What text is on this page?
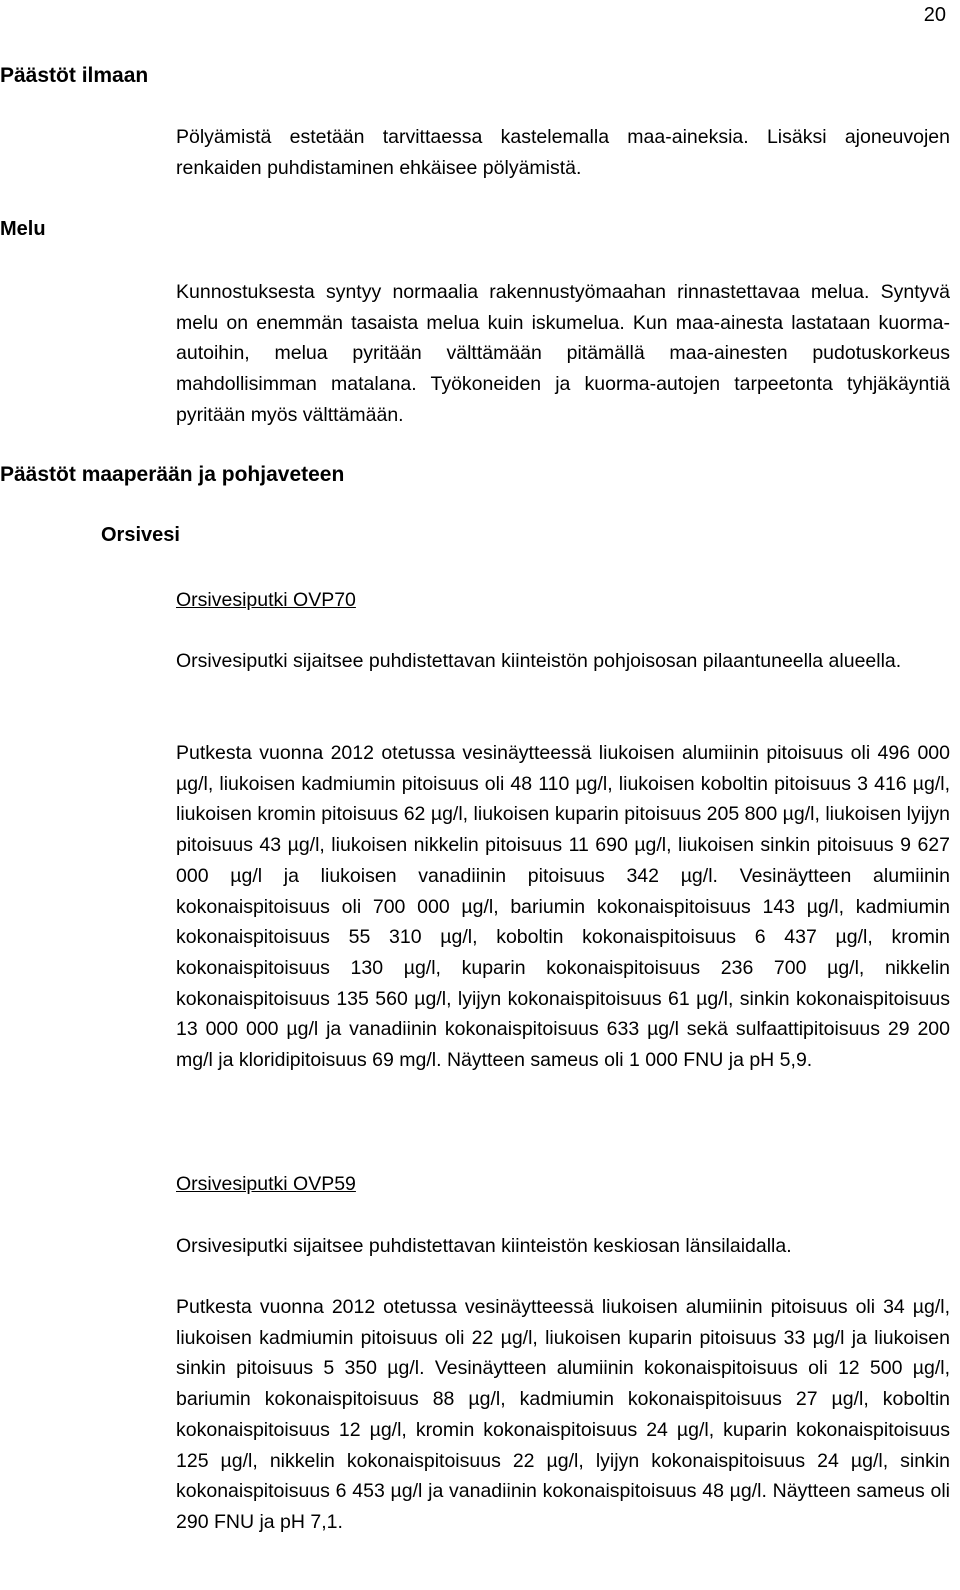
20
Päästöt ilmaan

Pölyämistä estetään tarvittaessa kastelemalla maa-aineksia. Lisäksi ajoneuvojen renkaiden puhdistaminen ehkäisee pölyämistä.

Melu

Kunnostuksesta syntyy normaalia rakennustyömaahan rinnastettavaa melua. Syntyvä melu on enemmän tasaista melua kuin iskumelua. Kun maa-ainesta lastataan kuorma-autoihin, melua pyritään välttämään pitämällä maa-ainesten pudotuskorkeus mahdollisimman matalana. Työkoneiden ja kuorma-autojen tarpeetonta tyhjäkäyntiä pyritään myös välttämään.

Päästöt maaperään ja pohjaveteen
Orsivesi

Orsivesiputki OVP70

Orsivesiputki sijaitsee puhdistettavan kiinteistön pohjoisosan pilaantuneella alueella.

Putkesta vuonna 2012 otetussa vesinäytteessä liukoisen alumiinin pitoisuus oli 496 000 µg/l, liukoisen kadmiumin pitoisuus oli 48 110 µg/l, liukoisen koboltin pitoisuus 3 416 µg/l, liukoisen kromin pitoisuus 62 µg/l, liukoisen kuparin pitoisuus 205 800 µg/l, liukoisen lyijyn pitoisuus 43 µg/l, liukoisen nikkelin pitoisuus 11 690 µg/l, liukoisen sinkin pitoisuus 9 627 000 µg/l ja liukoisen vanadiinin pitoisuus 342 µg/l. Vesinäytteen alumiinin kokonaispitoisuus oli 700 000 µg/l, bariumin kokonaispitoisuus 143 µg/l, kadmiumin kokonaispitoisuus 55 310 µg/l, koboltin kokonaispitoisuus 6 437 µg/l, kromin kokonaispitoisuus 130 µg/l, kuparin kokonaispitoisuus 236 700 µg/l, nikkelin kokonaispitoisuus 135 560 µg/l, lyijyn kokonaispitoisuus 61 µg/l, sinkin kokonaispitoisuus 13 000 000 µg/l ja vanadiinin kokonaispitoisuus 633 µg/l sekä sulfaattipitoisuus 29 200 mg/l ja kloridipitoisuus 69 mg/l. Näytteen sameus oli 1 000 FNU ja pH 5,9.

Orsivesiputki OVP59

Orsivesiputki sijaitsee puhdistettavan kiinteistön keskiosan länsilaidalla.

Putkesta vuonna 2012 otetussa vesinäytteessä liukoisen alumiinin pitoisuus oli 34 µg/l, liukoisen kadmiumin pitoisuus oli 22 µg/l, liukoisen kuparin pitoisuus 33 µg/l ja liukoisen sinkin pitoisuus 5 350 µg/l. Vesinäytteen alumiinin kokonaispitoisuus oli 12 500 µg/l, bariumin kokonaispitoisuus 88 µg/l, kadmiumin kokonaispitoisuus 27 µg/l, koboltin kokonaispitoisuus 12 µg/l, kromin kokonaispitoisuus 24 µg/l, kuparin kokonaispitoisuus 125 µg/l, nikkelin kokonaispitoisuus 22 µg/l, lyijyn kokonaispitoisuus 24 µg/l, sinkin kokonaispitoisuus 6 453 µg/l ja vanadiinin kokonaispitoisuus 48 µg/l. Näytteen sameus oli 290 FNU ja pH 7,1.
